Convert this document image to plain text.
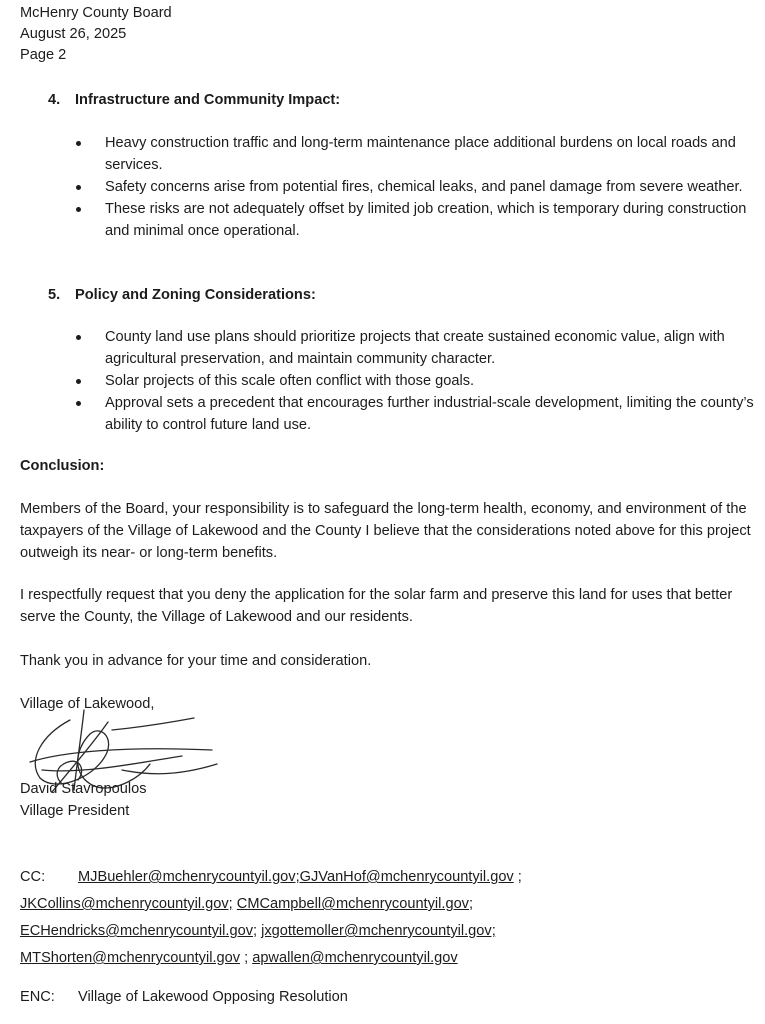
McHenry County Board
August 26, 2025
Page 2
4. Infrastructure and Community Impact:
Heavy construction traffic and long-term maintenance place additional burdens on local roads and services.
Safety concerns arise from potential fires, chemical leaks, and panel damage from severe weather.
These risks are not adequately offset by limited job creation, which is temporary during construction and minimal once operational.
5. Policy and Zoning Considerations:
County land use plans should prioritize projects that create sustained economic value, align with agricultural preservation, and maintain community character.
Solar projects of this scale often conflict with those goals.
Approval sets a precedent that encourages further industrial-scale development, limiting the county’s ability to control future land use.
Conclusion:
Members of the Board, your responsibility is to safeguard the long-term health, economy, and environment of the taxpayers of the Village of Lakewood and the County I believe that the considerations noted above for this project outweigh its near- or long-term benefits.
I respectfully request that you deny the application for the solar farm and preserve this land for uses that better serve the County, the Village of Lakewood and our residents.
Thank you in advance for your time and consideration.
Village of Lakewood,
David Stavropoulos
Village President
CC: MJBuehler@mchenrycountyil.gov;GJVanHof@mchenrycountyil.gov ;
JKCollins@mchenrycountyil.gov; CMCampbell@mchenrycountyil.gov;
ECHendricks@mchenrycountyil.gov; jxgottemoller@mchenrycountyil.gov;
MTShorten@mchenrycountyil.gov ; apwallen@mchenrycountyil.gov
ENC: Village of Lakewood Opposing Resolution
